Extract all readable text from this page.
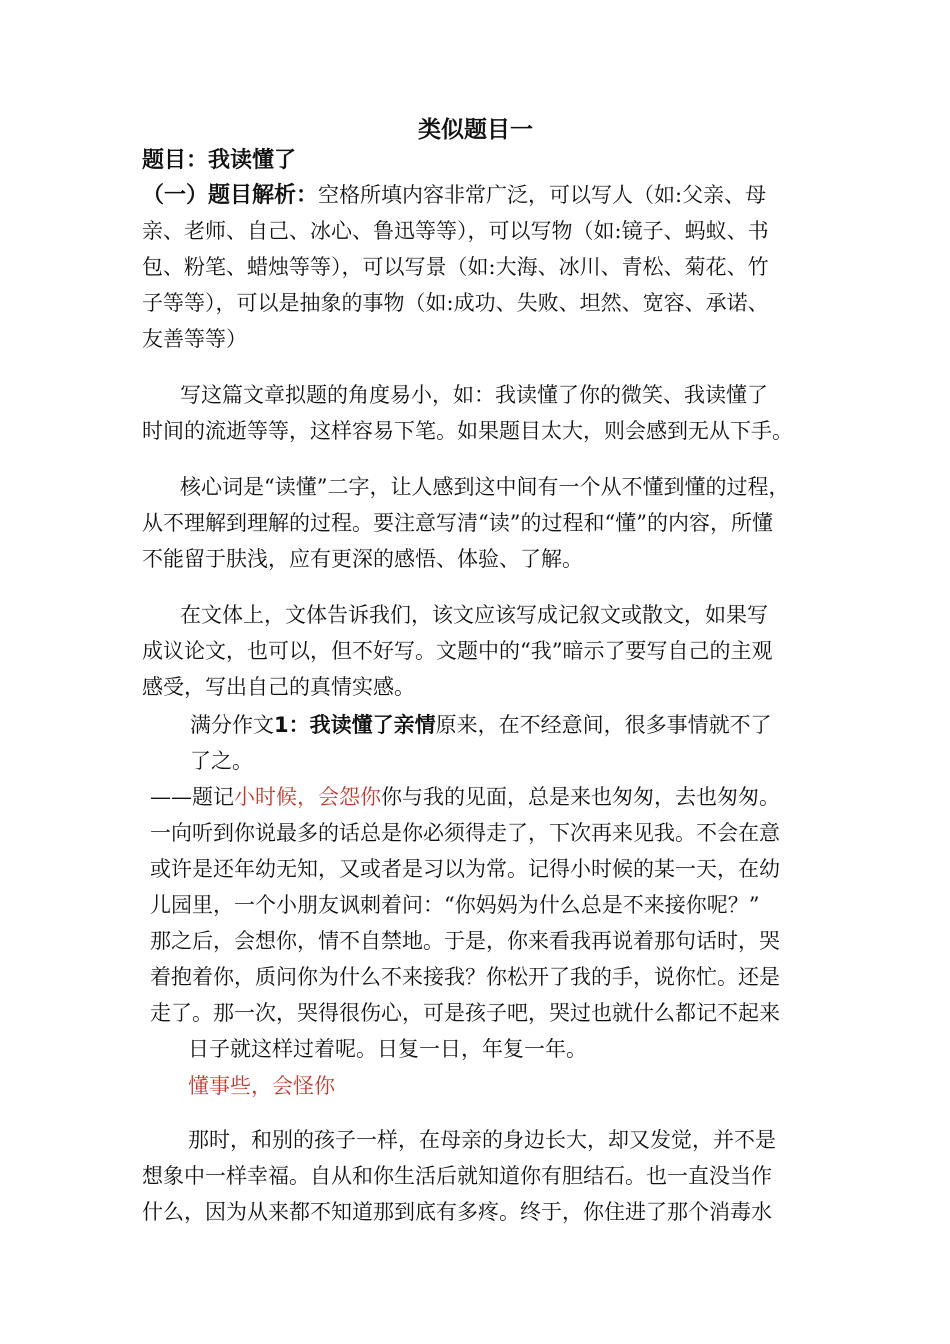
类似题目一
题目：我读懂了
（一）题目解析：空格所填内容非常广泛，可以写人（如:父亲、母
亲、老师、自己、冰心、鲁迅等等），可以写物（如:镜子、蚂蚁、书
包、粉笔、蜡烛等等），可以写景（如:大海、冰川、青松、菊花、竹
子等等），可以是抽象的事物（如:成功、失败、坦然、宽容、承诺、
友善等等）
写这篇文章拟题的角度易小，如：我读懂了你的微笑、我读懂了
时间的流逝等等，这样容易下笔。如果题目太大，则会感到无从下手。
核心词是“读懂”二字，让人感到这中间有一个从不懂到懂的过程，
从不理解到理解的过程。要注意写清“读”的过程和“懂”的内容，所懂
不能留于肤浅，应有更深的感悟、体验、了解。
在文体上，文体告诉我们，该文应该写成记叙文或散文，如果写
成议论文，也可以，但不好写。文题中的“我”暗示了要写自己的主观
感受，写出自己的真情实感。
满分作文1：我读懂了亲情原来，在不经意间，很多事情就不了
了之。
——题记小时候，会怨你你与我的见面，总是来也匆匆，去也匆匆。
一向听到你说最多的话总是你必须得走了，下次再来见我。不会在意
或许是还年幼无知，又或者是习以为常。记得小时候的某一天，在幼
儿园里，一个小朋友讽刺着问：“你妈妈为什么总是不来接你呢？”
那之后，会想你，情不自禁地。于是，你来看我再说着那句话时，哭
着抱着你，质问你为什么不来接我？你松开了我的手，说你忙。还是
走了。那一次，哭得很伤心，可是孩子吧，哭过也就什么都记不起来
日子就这样过着呢。日复一日，年复一年。
懂事些，会怪你
那时，和别的孩子一样，在母亲的身边长大，却又发觉，并不是
想象中一样幸福。自从和你生活后就知道你有胆结石。也一直没当作
什么，因为从来都不知道那到底有多疼。终于，你住进了那个消毒水
